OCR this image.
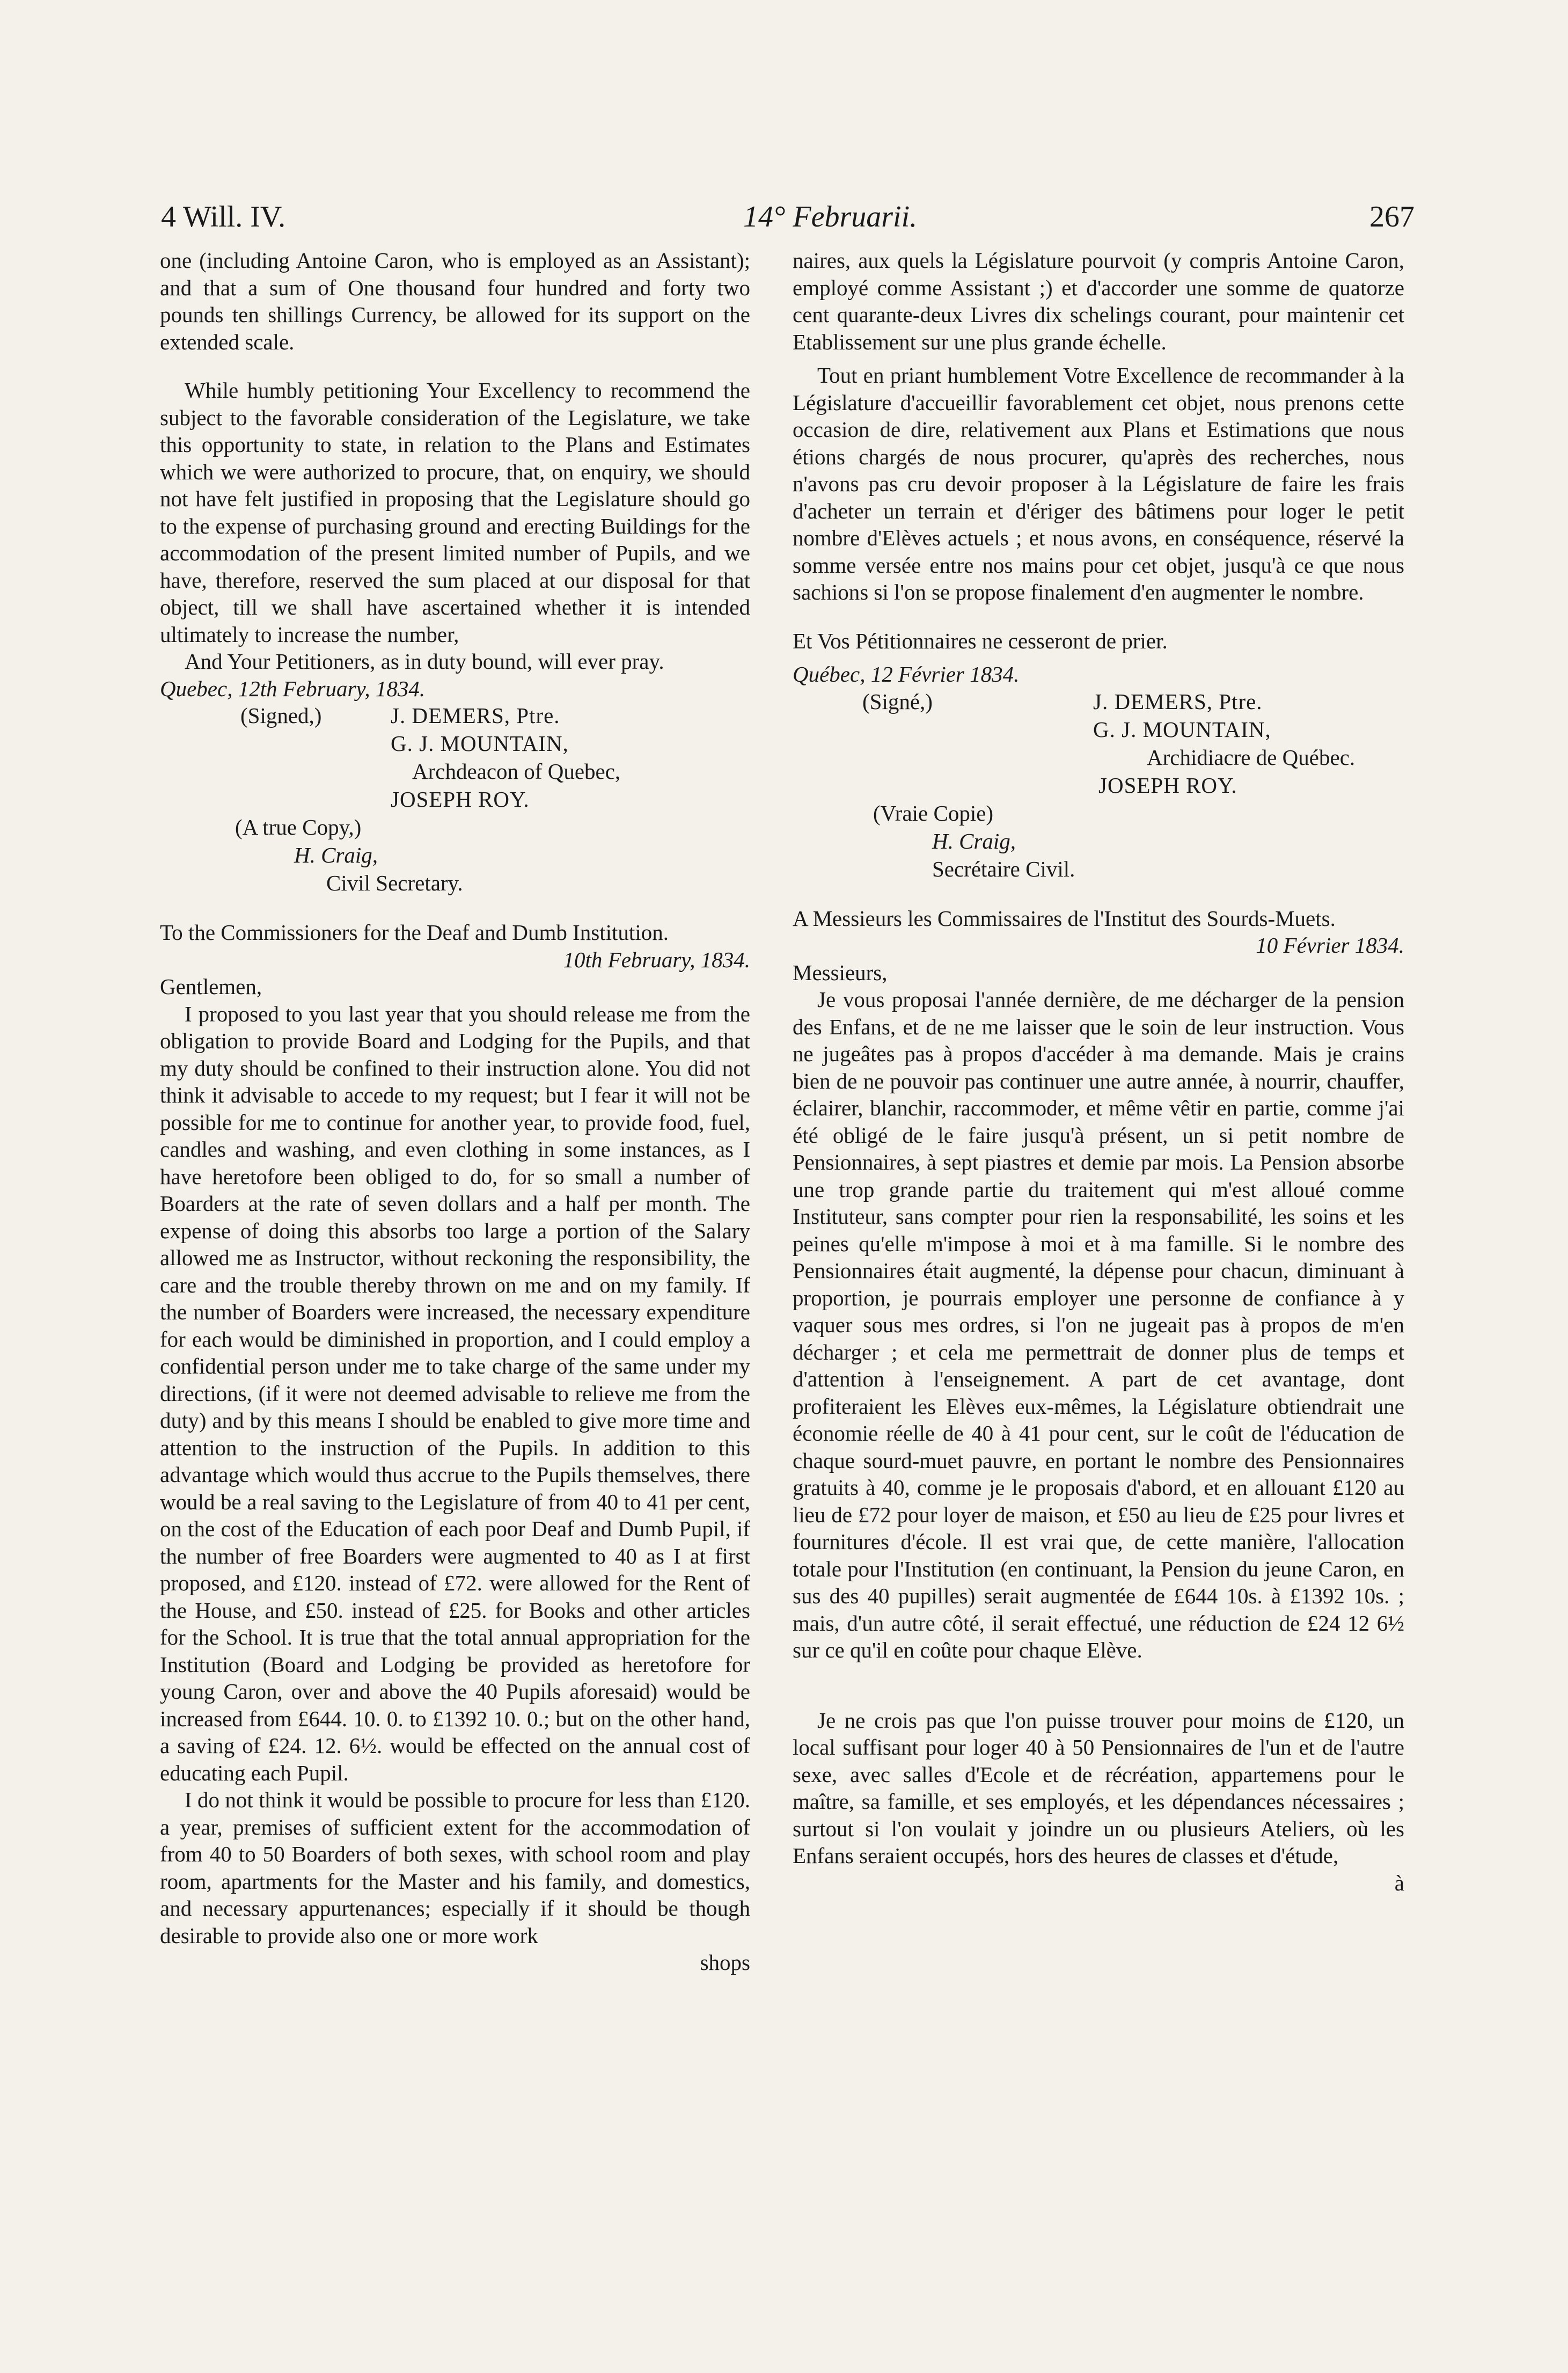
4 Will. IV.	14° Februarii.	267

one (including Antoine Caron, who is employed as an Assistant); and that a sum of One thousand four hundred and forty two pounds ten shillings Currency, be allowed for its support on the extended scale.

While humbly petitioning Your Excellency to recommend the subject to the favorable consideration of the Legislature, we take this opportunity to state, in relation to the Plans and Estimates which we were authorized to procure, that, on enquiry, we should not have felt justified in proposing that the Legislature should go to the expense of purchasing ground and erecting Buildings for the accommodation of the present limited number of Pupils, and we have, therefore, reserved the sum placed at our disposal for that object, till we shall have ascertained whether it is intended ultimately to increase the number,

And Your Petitioners, as in duty bound, will ever pray.

Quebec, 12th February, 1834.

(Signed,)	J. DEMERS, Ptre.
G. J. MOUNTAIN,
Archdeacon of Quebec,
JOSEPH ROY.
(A true Copy,)
H. Craig,
Civil Secretary.

To the Commissioners for the Deaf and Dumb Institution.

10th February, 1834.

Gentlemen,

I proposed to you last year that you should release me from the obligation to provide Board and Lodging for the Pupils, and that my duty should be confined to their instruction alone. You did not think it advisable to accede to my request; but I fear it will not be possible for me to continue for another year, to provide food, fuel, candles and washing, and even clothing in some instances, as I have heretofore been obliged to do, for so small a number of Boarders at the rate of seven dollars and a half per month. The expense of doing this absorbs too large a portion of the Salary allowed me as Instructor, without reckoning the responsibility, the care and the trouble thereby thrown on me and on my family. If the number of Boarders were increased, the necessary expenditure for each would be diminished in proportion, and I could employ a confidential person under me to take charge of the same under my directions, (if it were not deemed advisable to relieve me from the duty) and by this means I should be enabled to give more time and attention to the instruction of the Pupils. In addition to this advantage which would thus accrue to the Pupils themselves, there would be a real saving to the Legislature of from 40 to 41 per cent, on the cost of the Education of each poor Deaf and Dumb Pupil, if the number of free Boarders were augmented to 40 as I at first proposed, and £120. instead of £72. were allowed for the Rent of the House, and £50. instead of £25. for Books and other articles for the School. It is true that the total annual appropriation for the Institution (Board and Lodging be provided as heretofore for young Caron, over and above the 40 Pupils aforesaid) would be increased from £644. 10. 0. to £1392 10. 0.; but on the other hand, a saving of £24. 12. 6½. would be effected on the annual cost of educating each Pupil.

I do not think it would be possible to procure for less than £120. a year, premises of sufficient extent for the accommodation of from 40 to 50 Boarders of both sexes, with school room and play room, apartments for the Master and his family, and domestics, and necessary appurtenances; especially if it should be though desirable to provide also one or more work

shops

naires, aux quels la Législature pourvoit (y compris Antoine Caron, employé comme Assistant ;) et d'accorder une somme de quatorze cent quarante-deux Livres dix schelings courant, pour maintenir cet Etablissement sur une plus grande échelle.

Tout en priant humblement Votre Excellence de recommander à la Législature d'accueillir favorablement cet objet, nous prenons cette occasion de dire, relativement aux Plans et Estimations que nous étions chargés de nous procurer, qu'après des recherches, nous n'avons pas cru devoir proposer à la Législature de faire les frais d'acheter un terrain et d'ériger des bâtimens pour loger le petit nombre d'Elèves actuels ; et nous avons, en conséquence, réservé la somme versée entre nos mains pour cet objet, jusqu'à ce que nous sachions si l'on se propose finalement d'en augmenter le nombre.

Et Vos Pétitionnaires ne cesseront de prier.

Québec, 12 Février 1834.

(Signé,)	J. DEMERS, Ptre.
G. J. MOUNTAIN,
Archidiacre de Québec.
JOSEPH ROY.
(Vraie Copie)
H. Craig,
Secrétaire Civil.

A Messieurs les Commissaires de l'Institut des Sourds-Muets.

10 Février 1834.

Messieurs,

Je vous proposai l'année dernière, de me décharger de la pension des Enfans, et de ne me laisser que le soin de leur instruction. Vous ne jugeâtes pas à propos d'accéder à ma demande. Mais je crains bien de ne pouvoir pas continuer une autre année, à nourrir, chauffer, éclairer, blanchir, raccommoder, et même vêtir en partie, comme j'ai été obligé de le faire jusqu'à présent, un si petit nombre de Pensionnaires, à sept piastres et demie par mois. La Pension absorbe une trop grande partie du traitement qui m'est alloué comme Instituteur, sans compter pour rien la responsabilité, les soins et les peines qu'elle m'impose à moi et à ma famille. Si le nombre des Pensionnaires était augmenté, la dépense pour chacun, diminuant à proportion, je pourrais employer une personne de confiance à y vaquer sous mes ordres, si l'on ne jugeait pas à propos de m'en décharger ; et cela me permettrait de donner plus de temps et d'attention à l'enseignement. A part de cet avantage, dont profiteraient les Elèves eux-mêmes, la Législature obtiendrait une économie réelle de 40 à 41 pour cent, sur le coût de l'éducation de chaque sourd-muet pauvre, en portant le nombre des Pensionnaires gratuits à 40, comme je le proposais d'abord, et en allouant £120 au lieu de £72 pour loyer de maison, et £50 au lieu de £25 pour livres et fournitures d'école. Il est vrai que, de cette manière, l'allocation totale pour l'Institution (en continuant, la Pension du jeune Caron, en sus des 40 pupilles) serait augmentée de £644 10s. à £1392 10s. ; mais, d'un autre côté, il serait effectué, une réduction de £24 12 6½ sur ce qu'il en coûte pour chaque Elève.

Je ne crois pas que l'on puisse trouver pour moins de £120, un local suffisant pour loger 40 à 50 Pensionnaires de l'un et de l'autre sexe, avec salles d'Ecole et de récréation, appartemens pour le maître, sa famille, et ses employés, et les dépendances nécessaires ; surtout si l'on voulait y joindre un ou plusieurs Ateliers, où les Enfans seraient occupés, hors des heures de classes et d'étude,

à
